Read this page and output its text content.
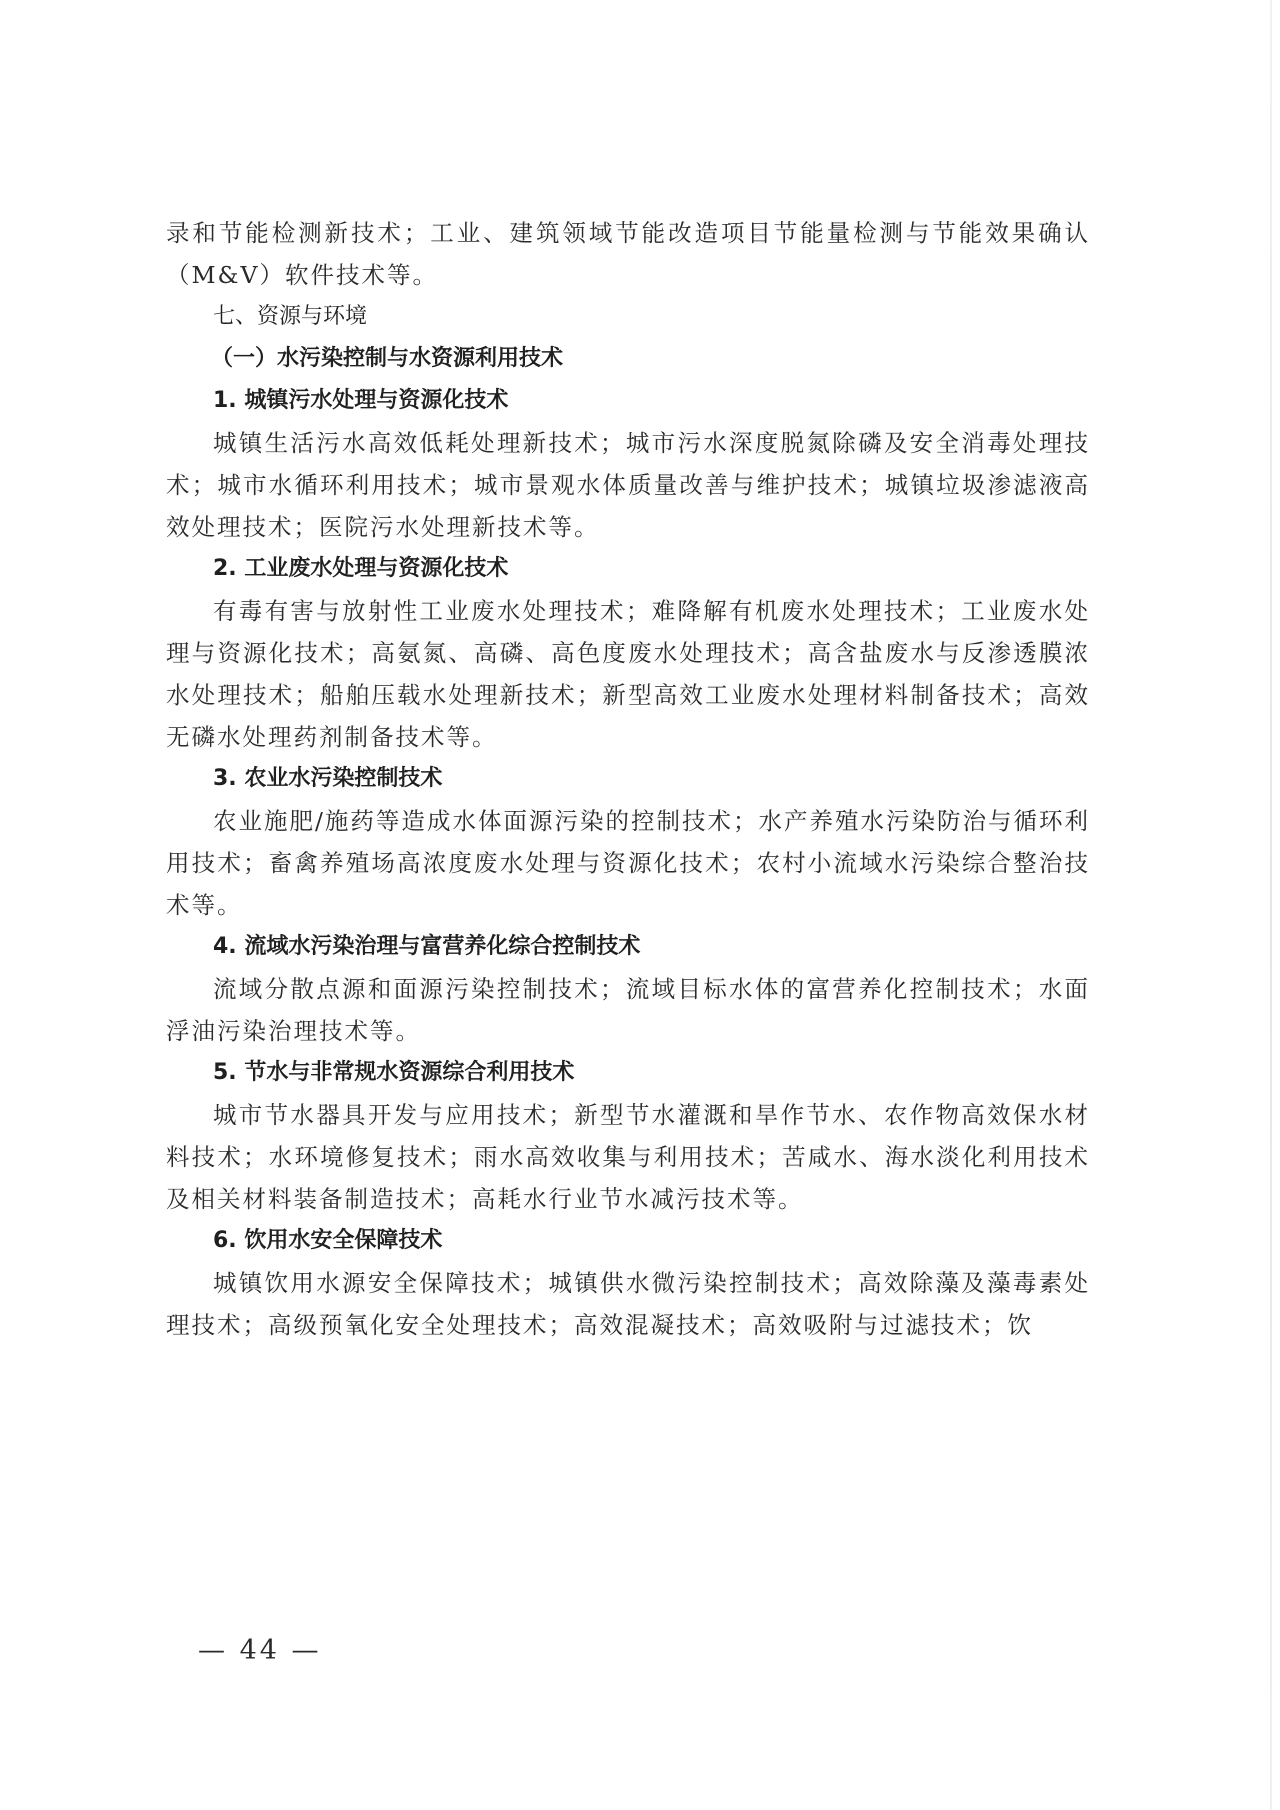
录和节能检测新技术；工业、建筑领域节能改造项目节能量检测与节能效果确认（M&V）软件技术等。

七、资源与环境

（一）水污染控制与水资源利用技术

1. 城镇污水处理与资源化技术

城镇生活污水高效低耗处理新技术；城市污水深度脱氮除磷及安全消毒处理技术；城市水循环利用技术；城市景观水体质量改善与维护技术；城镇垃圾渗滤液高效处理技术；医院污水处理新技术等。

2. 工业废水处理与资源化技术

有毒有害与放射性工业废水处理技术；难降解有机废水处理技术；工业废水处理与资源化技术；高氨氮、高磷、高色度废水处理技术；高含盐废水与反渗透膜浓水处理技术；船舶压载水处理新技术；新型高效工业废水处理材料制备技术；高效无磷水处理药剂制备技术等。

3. 农业水污染控制技术

农业施肥/施药等造成水体面源污染的控制技术；水产养殖水污染防治与循环利用技术；畜禽养殖场高浓度废水处理与资源化技术；农村小流域水污染综合整治技术等。

4. 流域水污染治理与富营养化综合控制技术

流域分散点源和面源污染控制技术；流域目标水体的富营养化控制技术；水面浮油污染治理技术等。

5. 节水与非常规水资源综合利用技术

城市节水器具开发与应用技术；新型节水灌溉和旱作节水、农作物高效保水材料技术；水环境修复技术；雨水高效收集与利用技术；苦咸水、海水淡化利用技术及相关材料装备制造技术；高耗水行业节水减污技术等。

6. 饮用水安全保障技术

城镇饮用水源安全保障技术；城镇供水微污染控制技术；高效除藻及藻毒素处理技术；高级预氧化安全处理技术；高效混凝技术；高效吸附与过滤技术；饮

— 44 —
